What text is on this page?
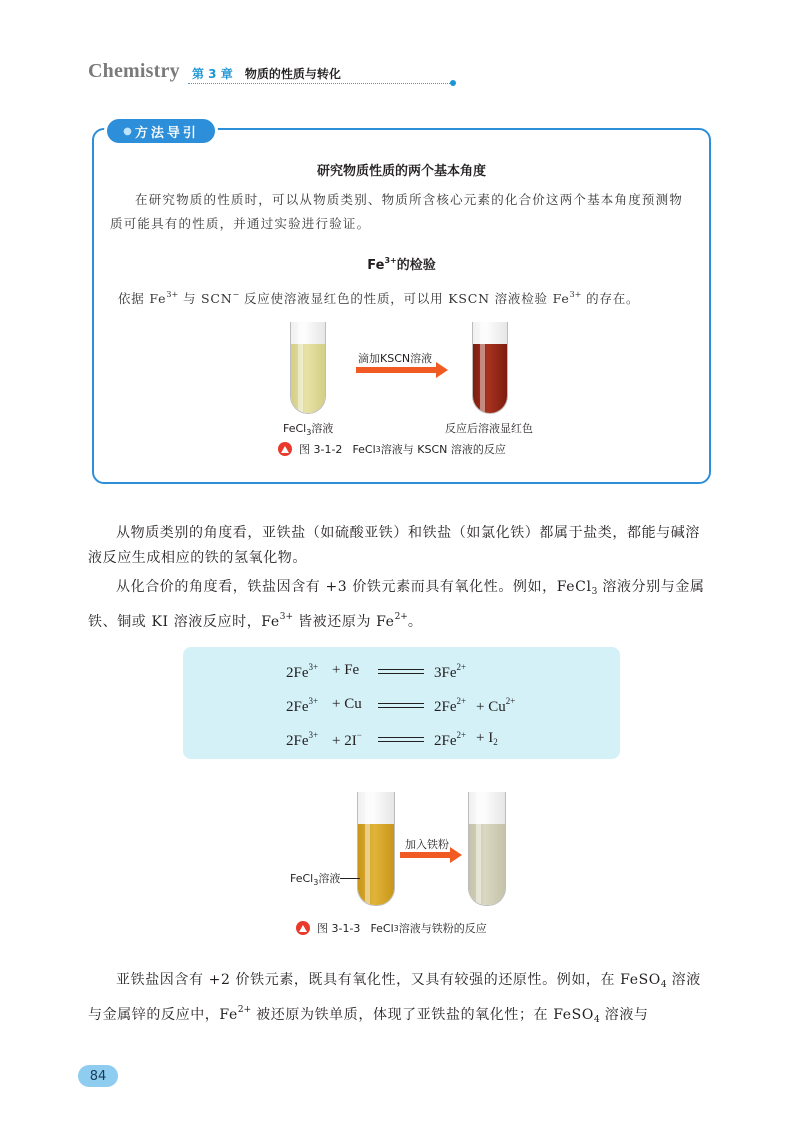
Chemistry 第 3 章 物质的性质与转化
● 方法导引
研究物质性质的两个基本角度

在研究物质的性质时，可以从物质类别、物质所含核心元素的化合价这两个基本角度预测物质可能具有的性质，并通过实验进行验证。

$Fe^{3+}$的检验

依据 $Fe^{3+}$ 与 SCN− 反应使溶液显红色的性质，可以用 KSCN 溶液检验 $Fe^{3+}$ 的存在。

滴加KSCN溶液
FeCl$_3$溶液	反应后溶液显红色
图 3-1-2 FeCl 3 溶液与 KSCN 溶液的反应

从物质类别的角度看，亚铁盐（如硫酸亚铁）和铁盐（如氯化铁）都属于盐类，都能与碱溶液反应生成相应的铁的氢氧化物。

从化合价的角度看，铁盐因含有 +3 价铁元素而具有氧化性。例如，FeCl$_3$ 溶液分别与金属铁、铜或 KI 溶液反应时，$Fe^{3+}$ 皆被还原为 $Fe^{2+}$。

$2Fe^{3+} + Fe$	$3Fe^{2+}$
$2Fe^{3+} + Cu$	$2Fe^{2+} + Cu^{2+}$
$2Fe^{3+} + 2I^-$	$2Fe^{2+} + I_2$
加入铁粉
FeCl$_3$溶液
图 3-1-3 FeCl 3 溶液与铁粉的反应

亚铁盐因含有 +2 价铁元素，既具有氧化性，又具有较强的还原性。例如，在 FeSO$_4$ 溶液与金属锌的反应中，$Fe^{2+}$ 被还原为铁单质，体现了亚铁盐的氧化性；在 FeSO$_4$ 溶液与

84
